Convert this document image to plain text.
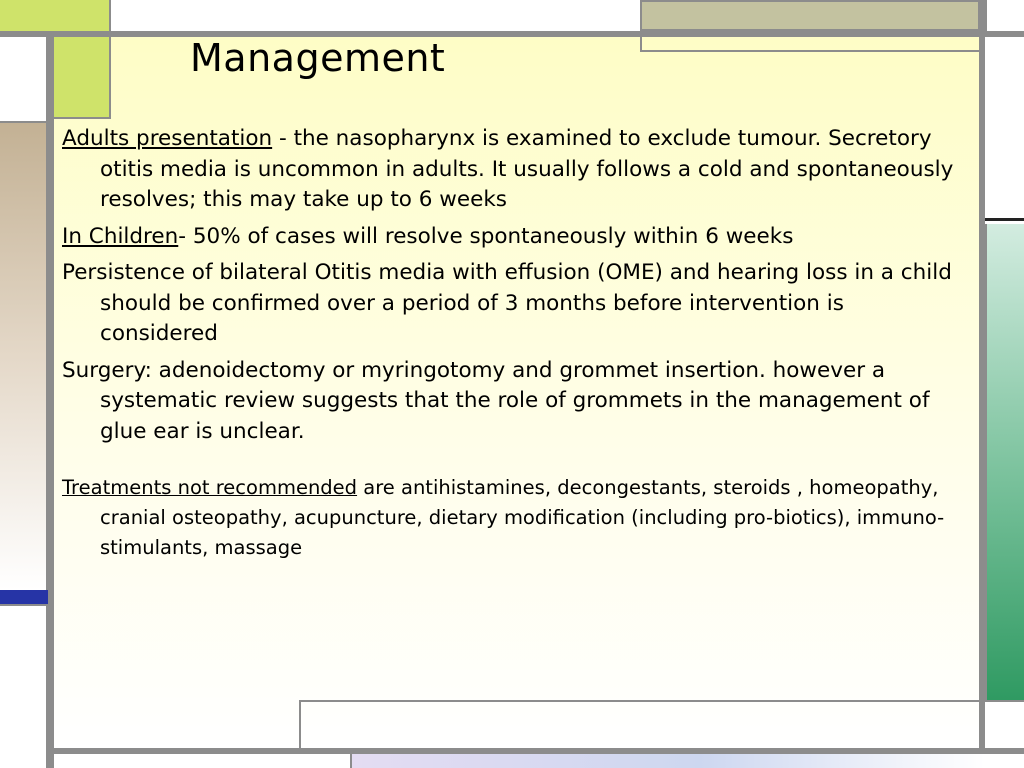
Management

Adults presentation - the nasopharynx is examined to exclude tumour. Secretory otitis media is uncommon in adults. It usually follows a cold and spontaneously resolves; this may take up to 6 weeks

In Children- 50% of cases will resolve spontaneously within 6 weeks

Persistence of bilateral Otitis media with effusion (OME) and hearing loss in a child should be confirmed over a period of 3 months before intervention is considered

Surgery: adenoidectomy or myringotomy and grommet insertion. however a systematic review suggests that the role of grommets in the management of glue ear is unclear.

Treatments not recommended are antihistamines, decongestants, steroids , homeopathy, cranial osteopathy, acupuncture, dietary modification (including pro-biotics), immuno-stimulants, massage
